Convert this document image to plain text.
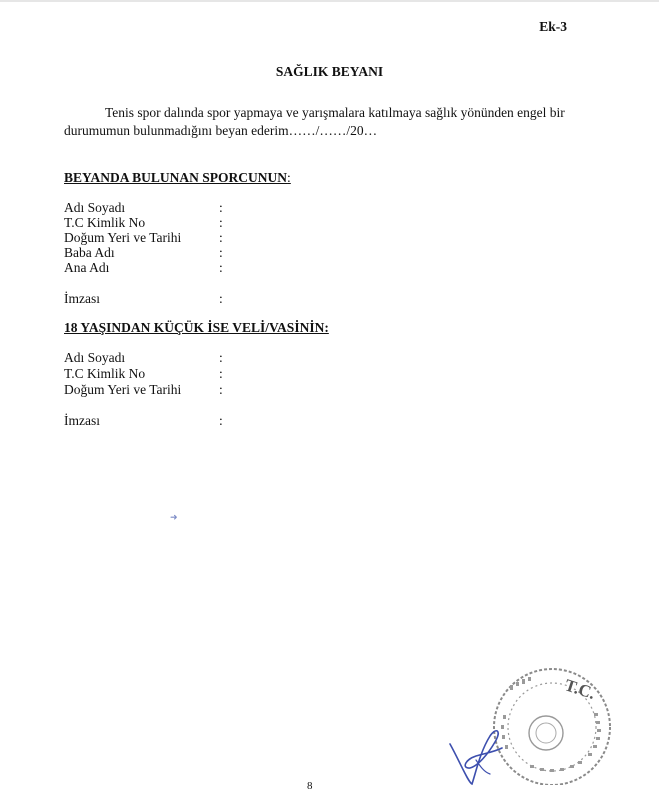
Ek-3
SAĞLIK BEYANI
Tenis spor dalında spor yapmaya ve yarışmalara katılmaya sağlık yönünden engel bir durumumun bulunmadığını beyan ederim……/……/20…
BEYANDA BULUNAN SPORCUNUN:
Adı Soyadı	:
T.C Kimlik No	:
Doğum Yeri ve Tarihi	:
Baba Adı	:
Ana Adı	:
İmzası	:
18 YAŞINDAN KÜÇÜK İSE VELİ/VASİNİN:
Adı Soyadı	:
T.C Kimlik No	:
Doğum Yeri ve Tarihi	:
İmzası	:
➜
T.C.
8
